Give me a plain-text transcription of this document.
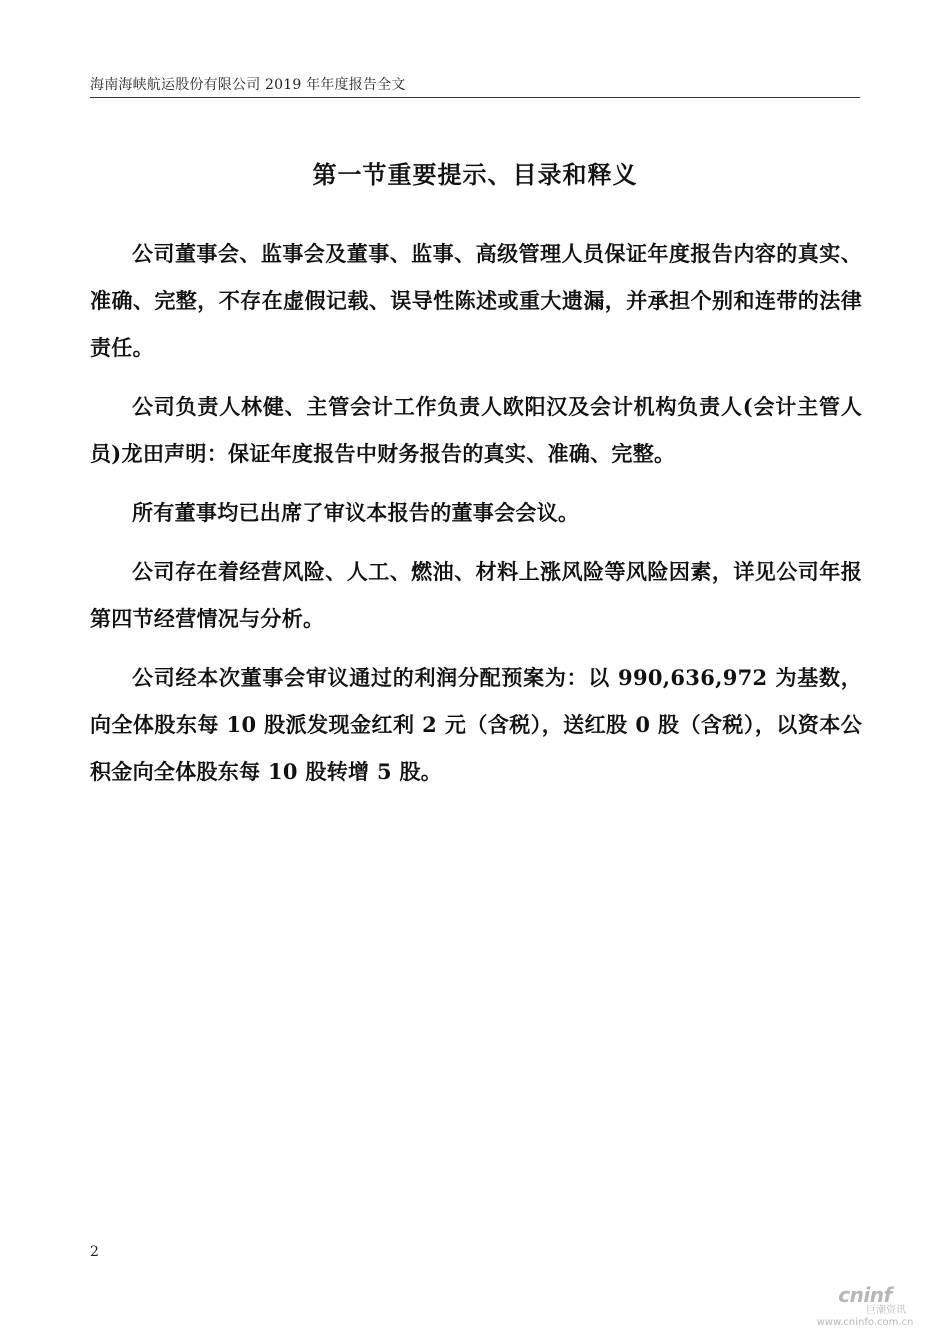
海南海峡航运股份有限公司 2019 年年度报告全文
第一节重要提示、目录和释义

公司董事会、监事会及董事、监事、高级管理人员保证年度报告内容的真实、准确、完整，不存在虚假记载、误导性陈述或重大遗漏，并承担个别和连带的法律责任。

公司负责人林健、主管会计工作负责人欧阳汉及会计机构负责人(会计主管人员)龙田声明：保证年度报告中财务报告的真实、准确、完整。

所有董事均已出席了审议本报告的董事会会议。

公司存在着经营风险、人工、燃油、材料上涨风险等风险因素，详见公司年报第四节经营情况与分析。

公司经本次董事会审议通过的利润分配预案为：以 990,636,972 为基数，向全体股东每 10 股派发现金红利 2 元（含税），送红股 0 股（含税），以资本公积金向全体股东每 10 股转增 5 股。

2
cninf
巨潮资讯
www.cninfo.com.cn
